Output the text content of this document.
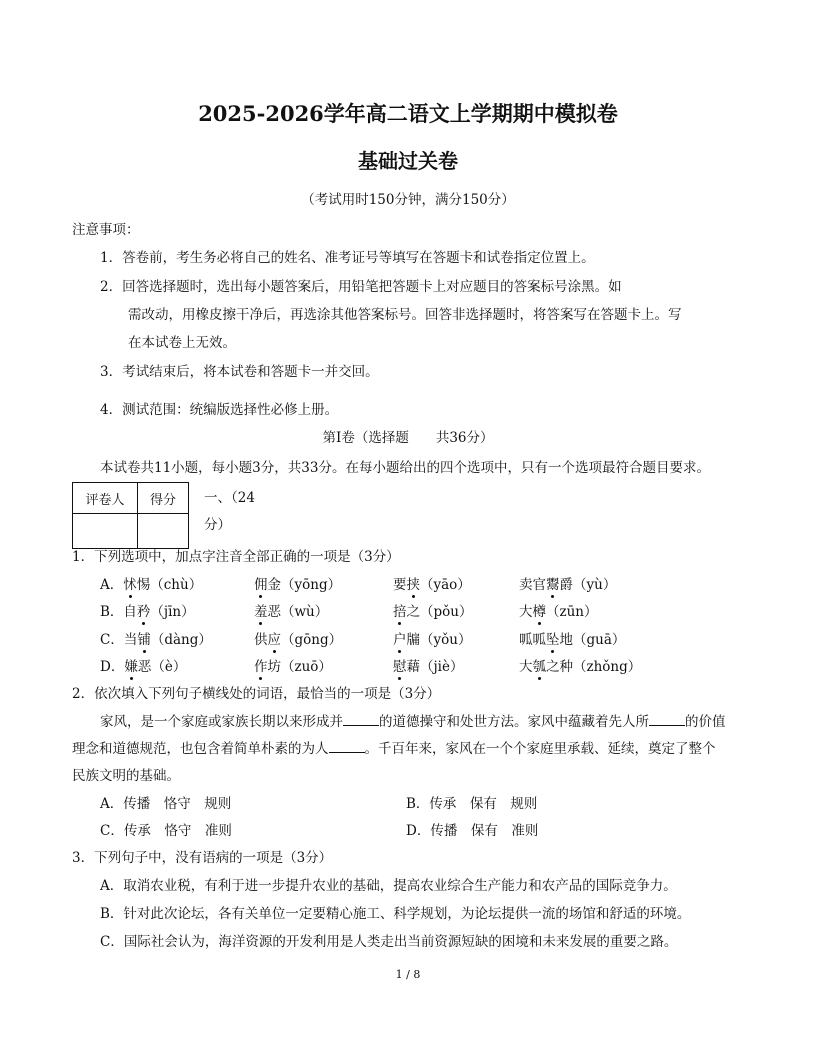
2025-2026学年高二语文上学期期中模拟卷
基础过关卷
（考试用时150分钟，满分150分）
注意事项：
1．答卷前，考生务必将自己的姓名、准考证号等填写在答题卡和试卷指定位置上。
2．回答选择题时，选出每小题答案后，用铅笔把答题卡上对应题目的答案标号涂黑。如
需改动，用橡皮擦干净后，再选涂其他答案标号。回答非选择题时，将答案写在答题卡上。写
在本试卷上无效。
3．考试结束后，将本试卷和答题卡一并交回。
4．测试范围：统编版选择性必修上册。
第Ⅰ卷（选择题　　共36分）
本试卷共11小题，每小题3分，共33分。在每小题给出的四个选项中，只有一个选项最符合题目要求。
评卷人	得分
	一、（24
分）
1．下列选项中，加点字注音全部正确的一项是（3分）
A．怵惕（chù）	佣金（yōng）	要挟（yāo）	卖官鬻爵（yù）
B．自矜（jīn）	羞恶（wù）	掊之（pǒu）	大樽（zūn）
C．当铺（dàng）	供应（gōng）	户牖（yǒu）	呱呱坠地（guā）
D．嫌恶（è）	作坊（zuō）	慰藉（jiè）	大瓠之种（zhǒng）
2．依次填入下列句子横线处的词语，最恰当的一项是（3分）
家风，是一个家庭或家族长期以来形成并	的道德操守和处世方法。家风中蕴藏着先人所	的价值
理念和道德规范，也包含着简单朴素的为人	。千百年来，家风在一个个家庭里承载、延续，奠定了整个
民族文明的基础。
A．传播　恪守　规则	B．传承　保有　规则
C．传承　恪守　准则	D．传播　保有　准则
3．下列句子中，没有语病的一项是（3分）
A．取消农业税，有利于进一步提升农业的基础，提高农业综合生产能力和农产品的国际竞争力。
B．针对此次论坛，各有关单位一定要精心施工、科学规划，为论坛提供一流的场馆和舒适的环境。
C．国际社会认为，海洋资源的开发利用是人类走出当前资源短缺的困境和未来发展的重要之路。
1 / 8
